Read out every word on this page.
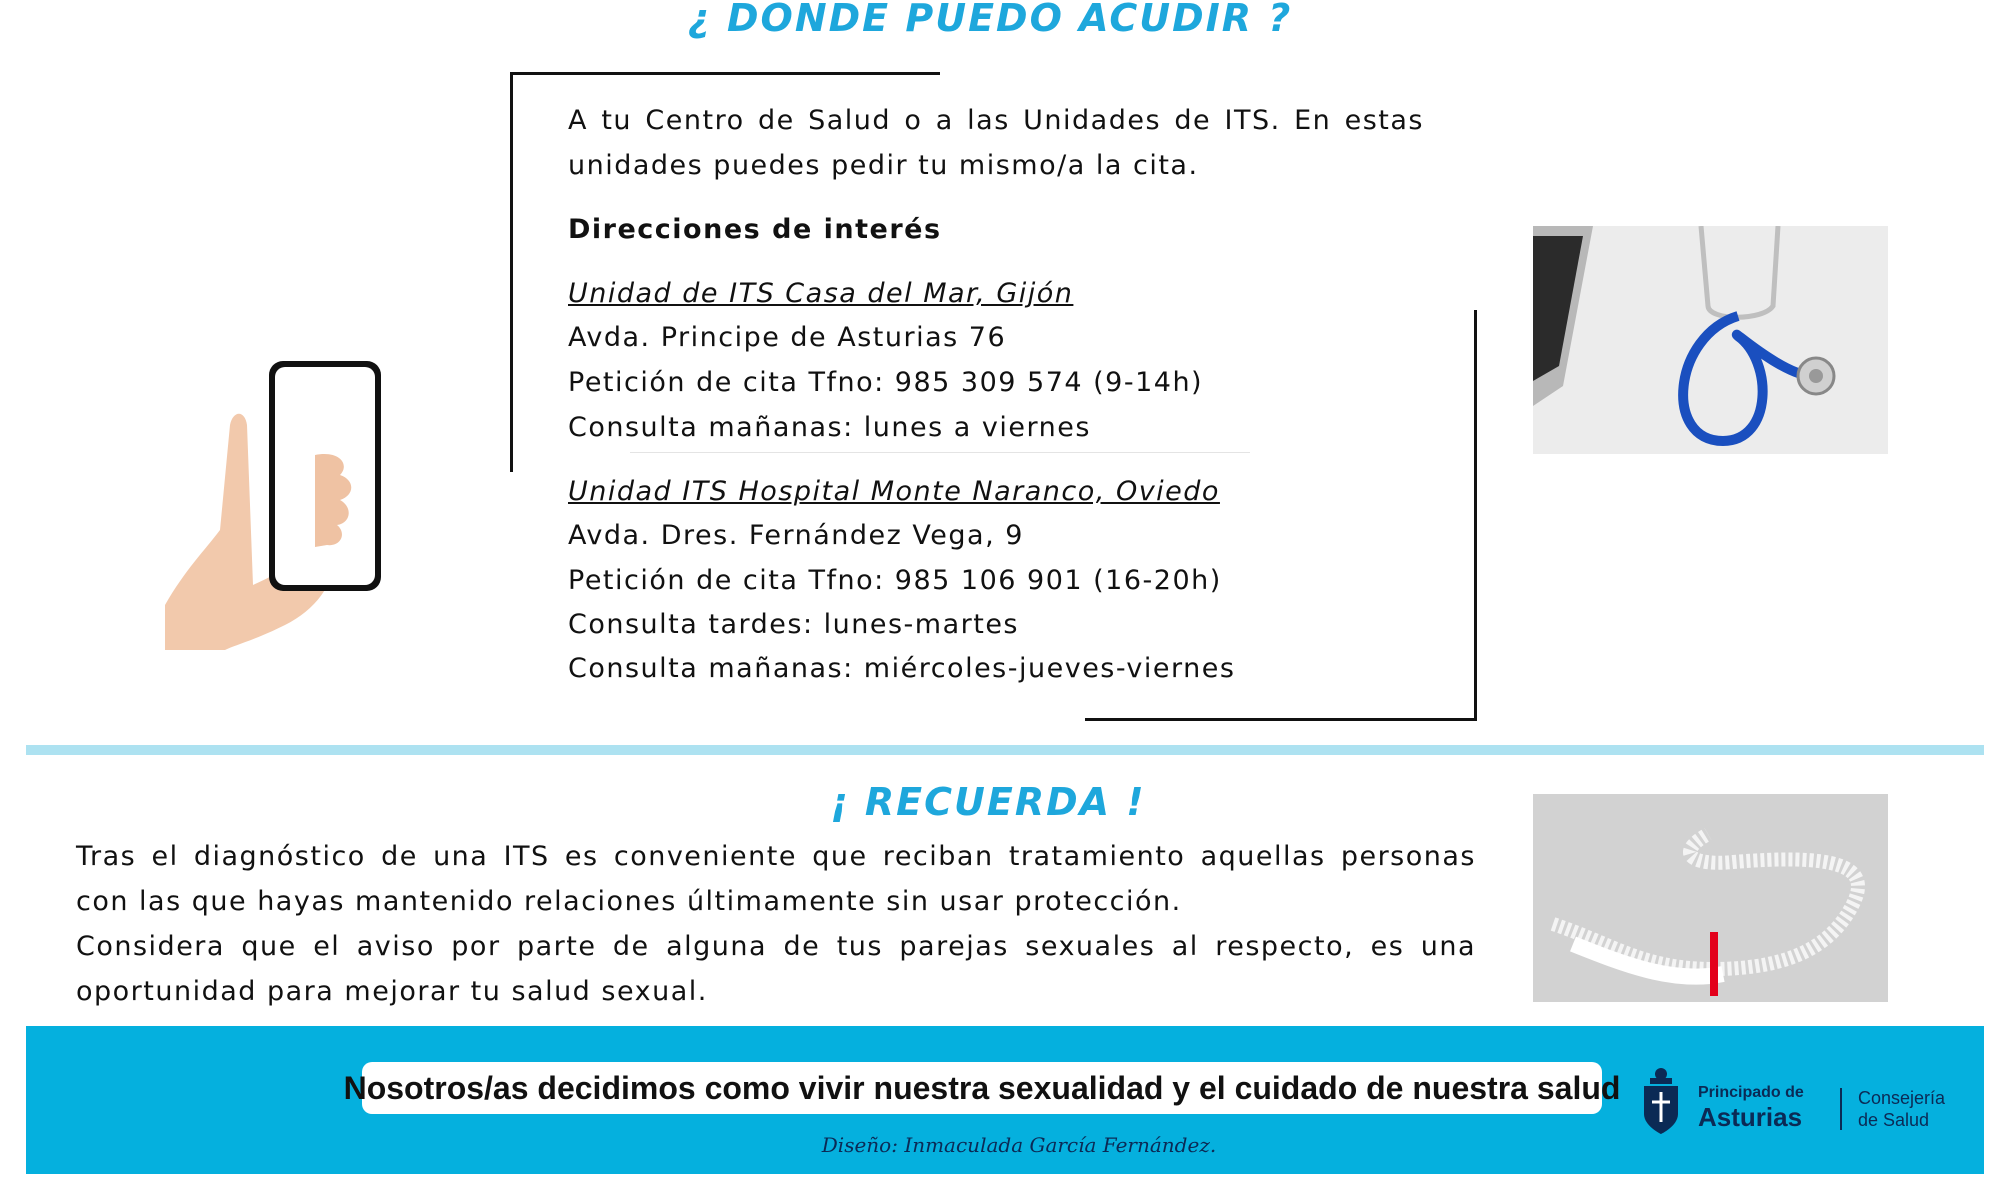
¿ DONDE PUEDO ACUDIR ?
A tu Centro de Salud o a las Unidades de ITS. En estas unidades puedes pedir tu mismo/a la cita.
Direcciones de interés
Unidad de ITS Casa del Mar, Gijón
Avda. Principe de Asturias 76
Petición de cita Tfno: 985 309 574 (9-14h)
Consulta mañanas: lunes a viernes
Unidad ITS Hospital Monte Naranco, Oviedo
Avda. Dres. Fernández Vega, 9
Petición de cita Tfno: 985 106 901 (16-20h)
Consulta tardes: lunes-martes
Consulta mañanas: miércoles-jueves-viernes
¡ RECUERDA !
Tras el diagnóstico de una ITS es conveniente que reciban tratamiento aquellas personas con las que hayas mantenido relaciones últimamente sin usar protección.
Considera que el aviso por parte de alguna de tus parejas sexuales al respecto, es una oportunidad para mejorar tu salud sexual.
Nosotros/as decidimos como vivir nuestra sexualidad y el cuidado de nuestra salud
Diseño: Inmaculada García Fernández.
Principado de
Asturias
Consejería
de Salud
